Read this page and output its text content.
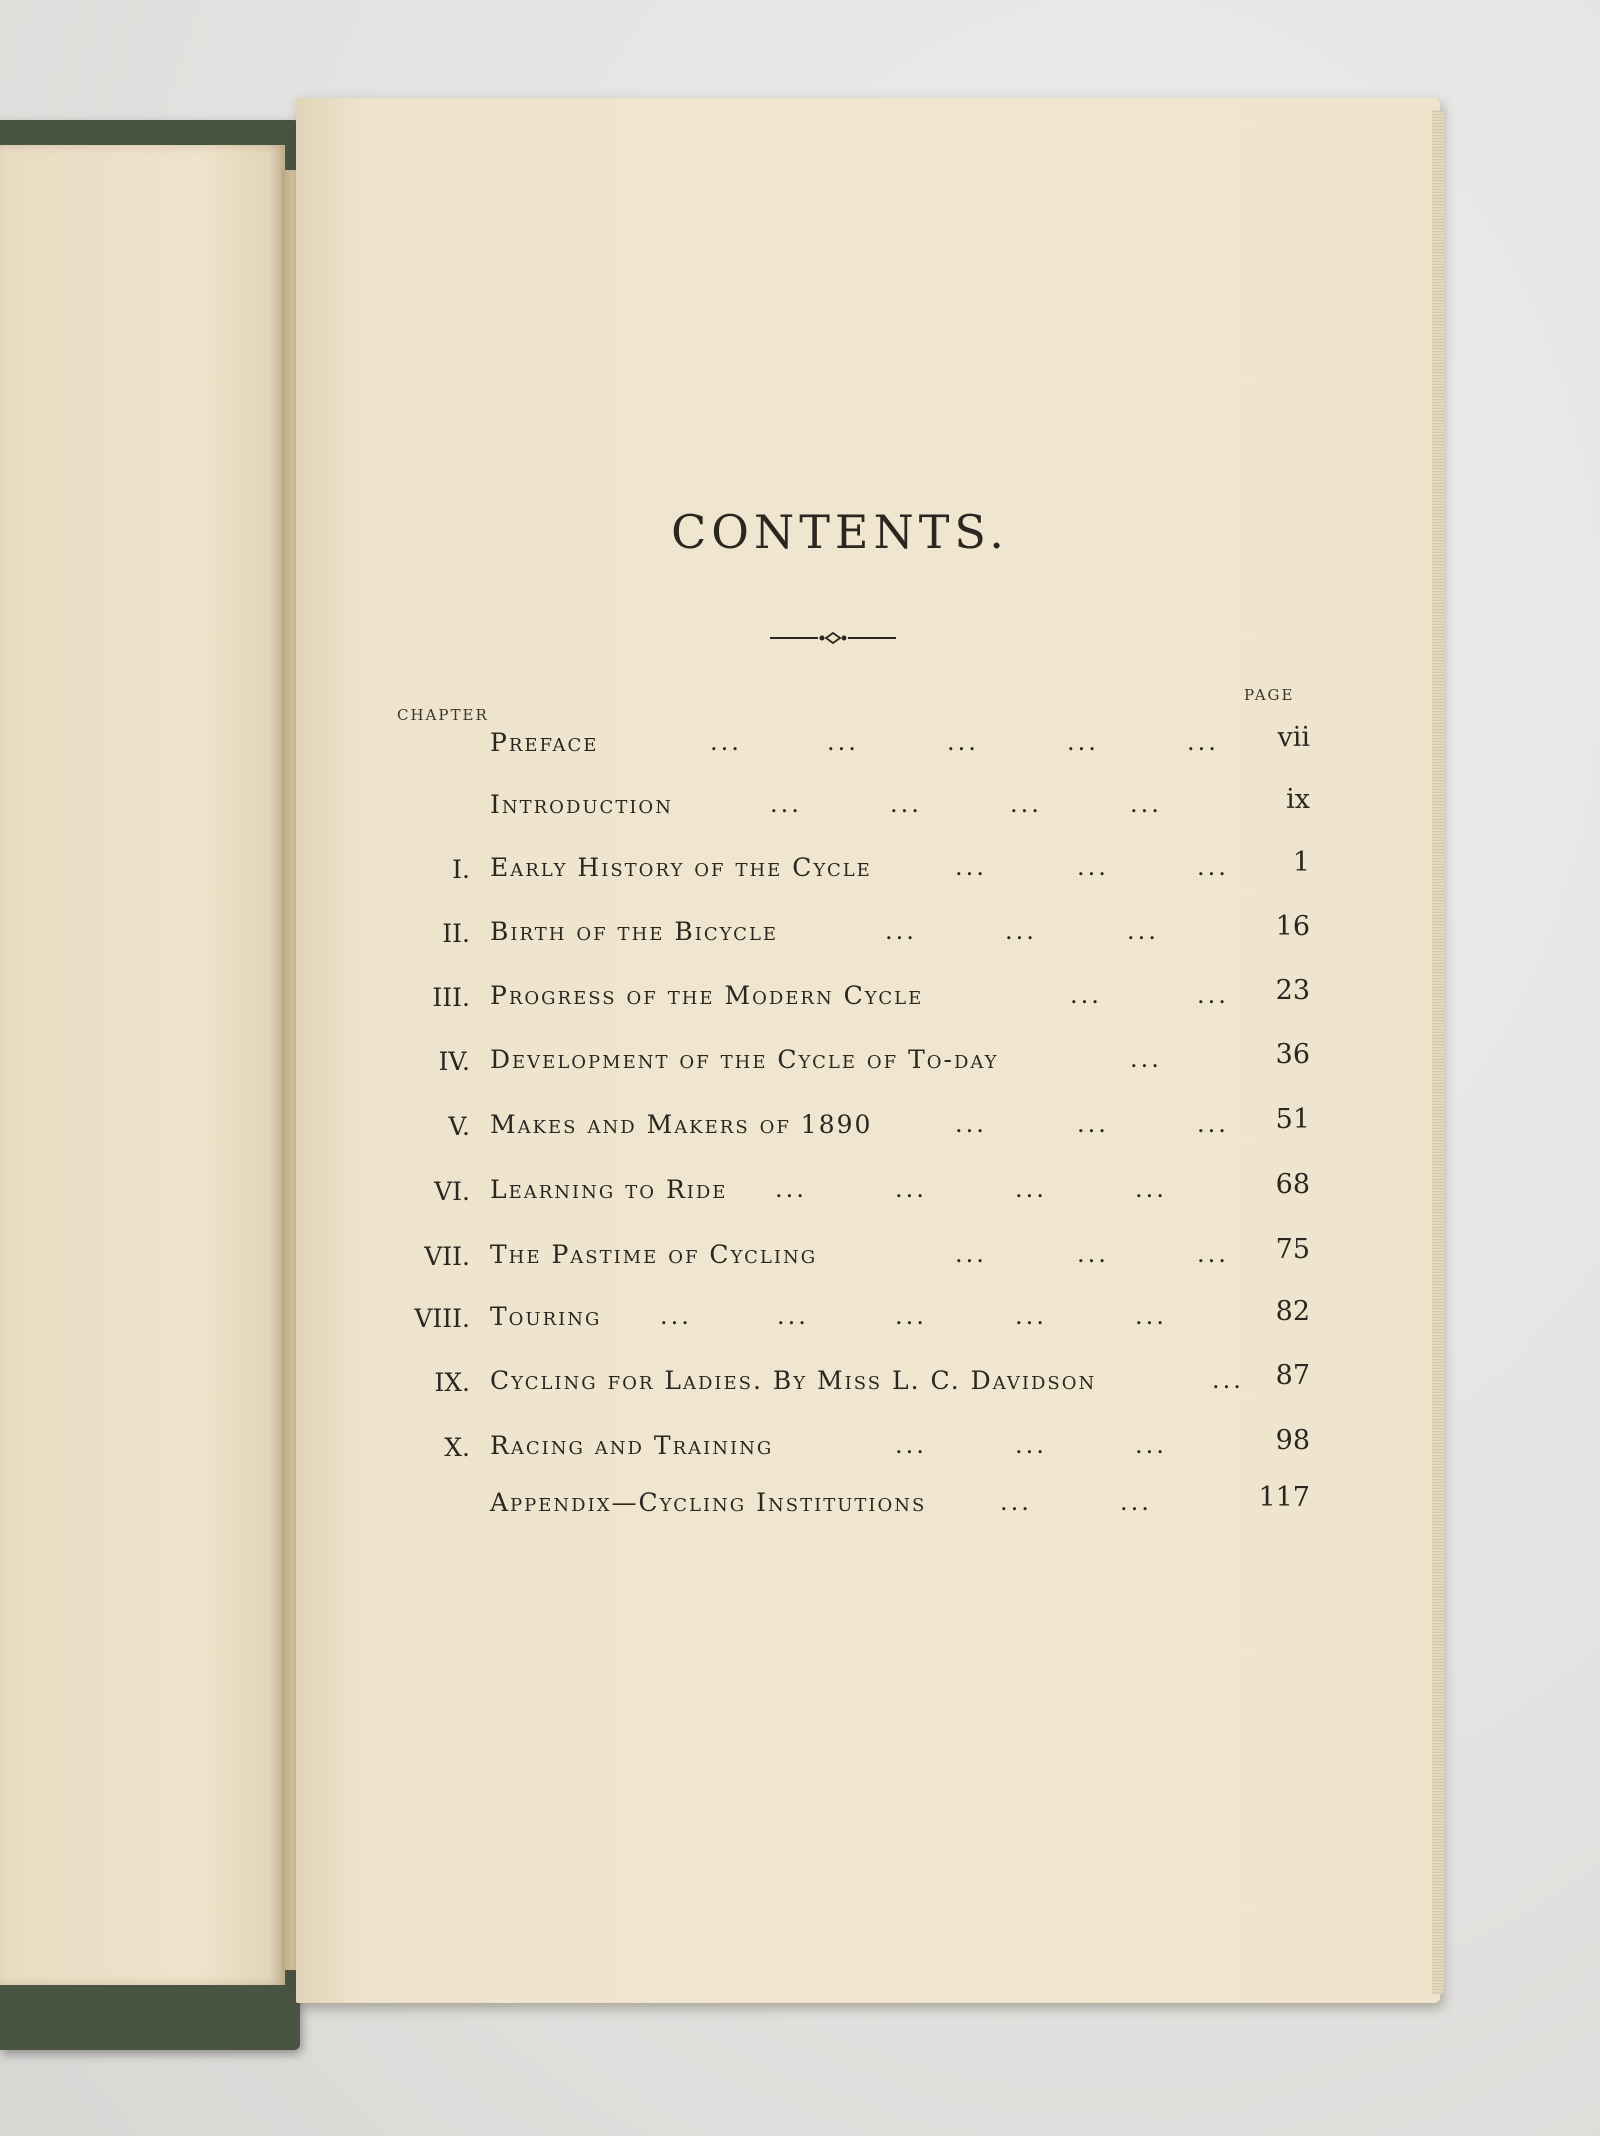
CONTENTS.
CHAPTER
PAGE
Preface	...	...	...	...	...	vii
Introduction	...	...	...	...	ix
I. Early History of the Cycle	...	...	...	1
II. Birth of the Bicycle	...	...	...	16
III. Progress of the Modern Cycle	...	...	23
IV. Development of the Cycle of To-day	...	36
V. Makes and Makers of 1890	...	...	...	51
VI. Learning to Ride ...	...	...	...	68
VII. The Pastime of Cycling	...	...	...	75
VIII. Touring ...	...	...	...	...	82
IX. Cycling for Ladies. By Miss L. C. Davidson	...	87
X. Racing and Training	...	...	...	98
Appendix—Cycling Institutions	...	...	117
